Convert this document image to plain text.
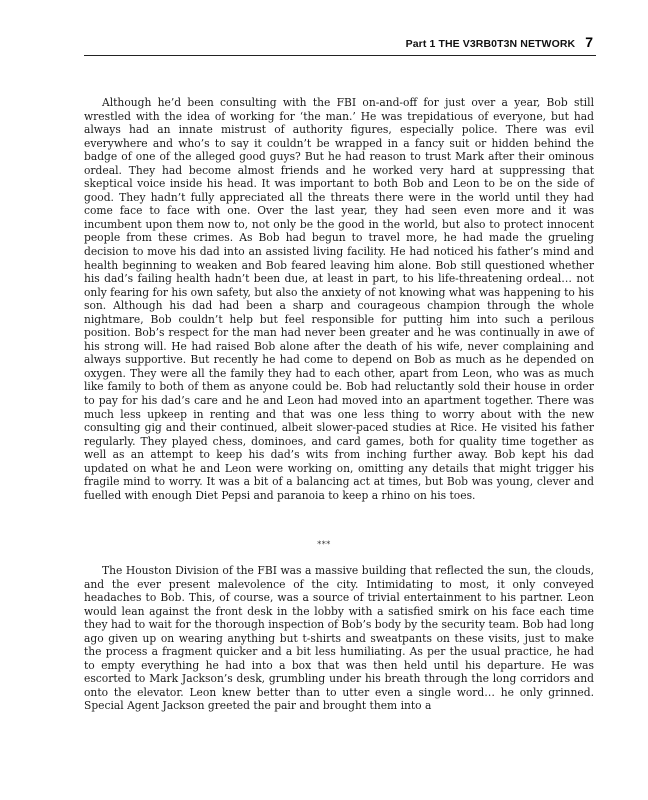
Part 1 THE V3RB0T3N NETWORK 7

Although he’d been consulting with the FBI on-and-off for just over a year, Bob still wrestled with the idea of working for ‘the man.’ He was trepidatious of everyone, but had always had an innate mistrust of authority figures, especially police. There was evil everywhere and who’s to say it couldn’t be wrapped in a fancy suit or hidden behind the badge of one of the alleged good guys? But he had reason to trust Mark after their ominous ordeal. They had become almost friends and he worked very hard at suppressing that skeptical voice inside his head. It was important to both Bob and Leon to be on the side of good. They hadn’t fully appreciated all the threats there were in the world until they had come face to face with one. Over the last year, they had seen even more and it was incumbent upon them now to, not only be the good in the world, but also to protect innocent people from these crimes. As Bob had begun to travel more, he had made the grueling decision to move his dad into an assisted living facility. He had noticed his father’s mind and health beginning to weaken and Bob feared leaving him alone. Bob still questioned whether his dad’s failing health hadn’t been due, at least in part, to his life-threatening ordeal… not only fearing for his own safety, but also the anxiety of not knowing what was happening to his son. Although his dad had been a sharp and courageous champion through the whole nightmare, Bob couldn’t help but feel responsible for putting him into such a perilous position. Bob’s respect for the man had never been greater and he was continually in awe of his strong will. He had raised Bob alone after the death of his wife, never complaining and always supportive. But recently he had come to depend on Bob as much as he depended on oxygen. They were all the family they had to each other, apart from Leon, who was as much like family to both of them as anyone could be. Bob had reluctantly sold their house in order to pay for his dad’s care and he and Leon had moved into an apartment together. There was much less upkeep in renting and that was one less thing to worry about with the new consulting gig and their continued, albeit slower-paced studies at Rice. He visited his father regularly. They played chess, dominoes, and card games, both for quality time together as well as an attempt to keep his dad’s wits from inching further away. Bob kept his dad updated on what he and Leon were working on, omitting any details that might trigger his fragile mind to worry. It was a bit of a balancing act at times, but Bob was young, clever and fuelled with enough Diet Pepsi and paranoia to keep a rhino on his toes.

***

The Houston Division of the FBI was a massive building that reflected the sun, the clouds, and the ever present malevolence of the city. Intimidating to most, it only conveyed headaches to Bob. This, of course, was a source of trivial entertainment to his partner. Leon would lean against the front desk in the lobby with a satisfied smirk on his face each time they had to wait for the thorough inspection of Bob’s body by the security team. Bob had long ago given up on wearing anything but t-shirts and sweatpants on these visits, just to make the process a fragment quicker and a bit less humiliating. As per the usual practice, he had to empty everything he had into a box that was then held until his departure. He was escorted to Mark Jackson’s desk, grumbling under his breath through the long corridors and onto the elevator. Leon knew better than to utter even a single word… he only grinned. Special Agent Jackson greeted the pair and brought them into a
